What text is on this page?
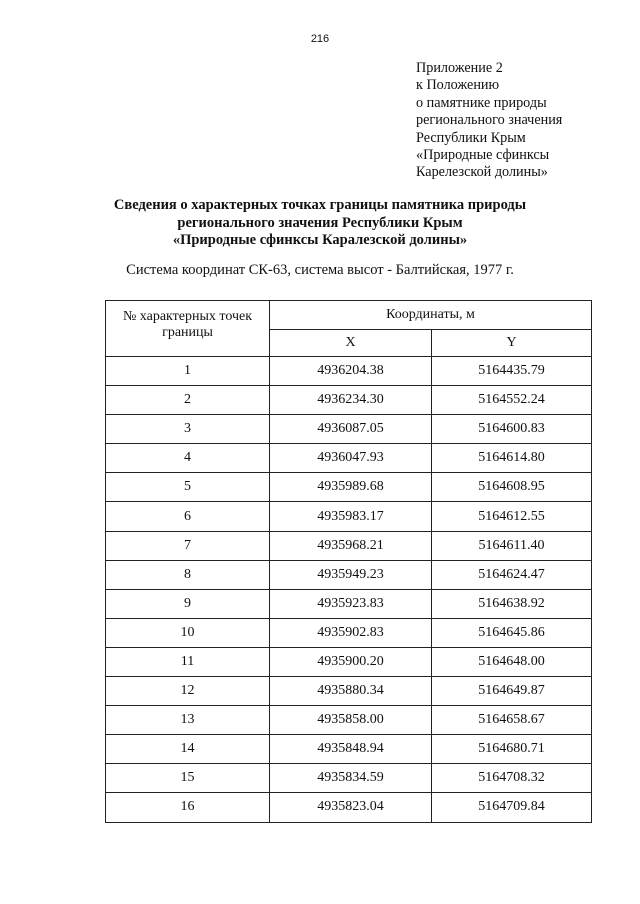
216
Приложение 2
к Положению
о памятнике природы
регионального значения
Республики Крым
«Природные сфинксы
Карелезской долины»
Сведения о характерных точках границы памятника природы
регионального значения Республики Крым
«Природные сфинксы Каралезской долины»
Система координат СК-63, система высот - Балтийская, 1977 г.
№ характерных точек границы	Координаты, м	
	X	Y
1	4936204.38	5164435.79
2	4936234.30	5164552.24
3	4936087.05	5164600.83
4	4936047.93	5164614.80
5	4935989.68	5164608.95
6	4935983.17	5164612.55
7	4935968.21	5164611.40
8	4935949.23	5164624.47
9	4935923.83	5164638.92
10	4935902.83	5164645.86
11	4935900.20	5164648.00
12	4935880.34	5164649.87
13	4935858.00	5164658.67
14	4935848.94	5164680.71
15	4935834.59	5164708.32
16	4935823.04	5164709.84
